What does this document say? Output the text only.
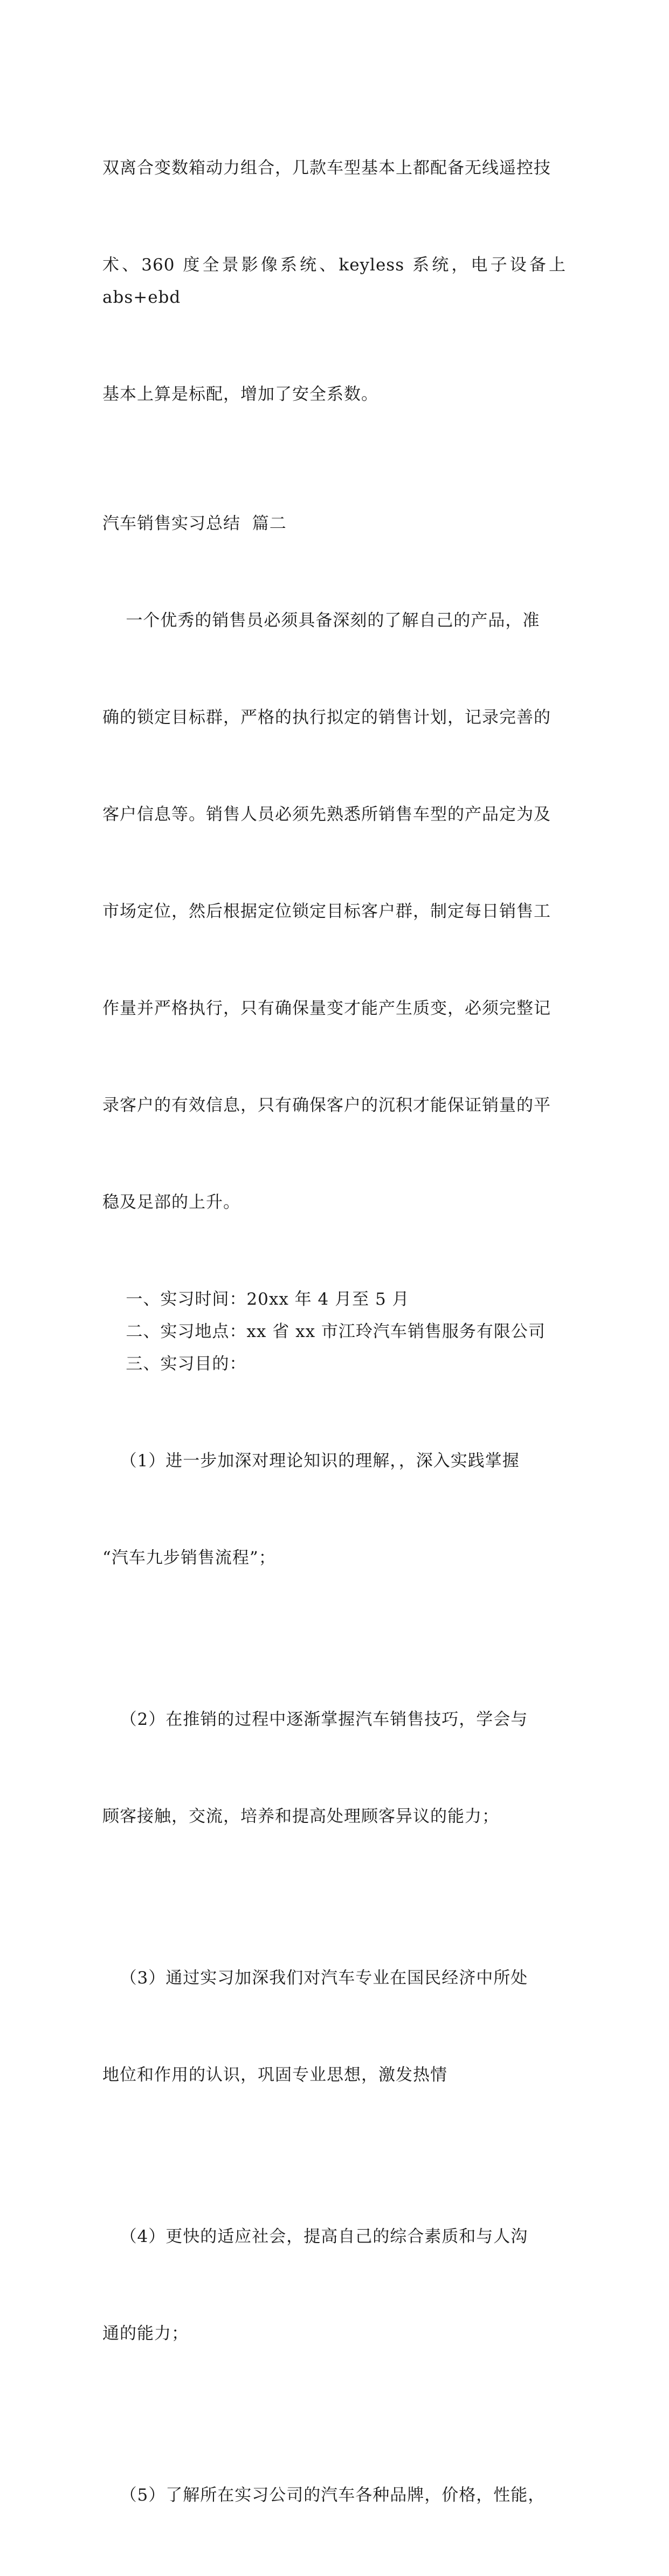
双离合变数箱动力组合，几款车型基本上都配备无线遥控技

术、360 度全景影像系统、keyless 系统，电子设备上 abs+ebd

基本上算是标配，增加了安全系数。

汽车销售实习总结  篇二

一个优秀的销售员必须具备深刻的了解自己的产品，准

确的锁定目标群，严格的执行拟定的销售计划，记录完善的

客户信息等。销售人员必须先熟悉所销售车型的产品定为及

市场定位，然后根据定位锁定目标客户群，制定每日销售工

作量并严格执行，只有确保量变才能产生质变，必须完整记

录客户的有效信息，只有确保客户的沉积才能保证销量的平

稳及足部的上升。

一、实习时间：20xx 年 4 月至 5 月
二、实习地点：xx 省 xx 市江玲汽车销售服务有限公司
三、实习目的：

（1）进一步加深对理论知识的理解，，深入实践掌握

“汽车九步销售流程”；

（2）在推销的过程中逐渐掌握汽车销售技巧，学会与

顾客接触，交流，培养和提高处理顾客异议的能力；

（3）通过实习加深我们对汽车专业在国民经济中所处

地位和作用的认识，巩固专业思想，激发热情

（4）更快的适应社会，提高自己的综合素质和与人沟

通的能力；

（5）了解所在实习公司的汽车各种品牌，价格，性能，
